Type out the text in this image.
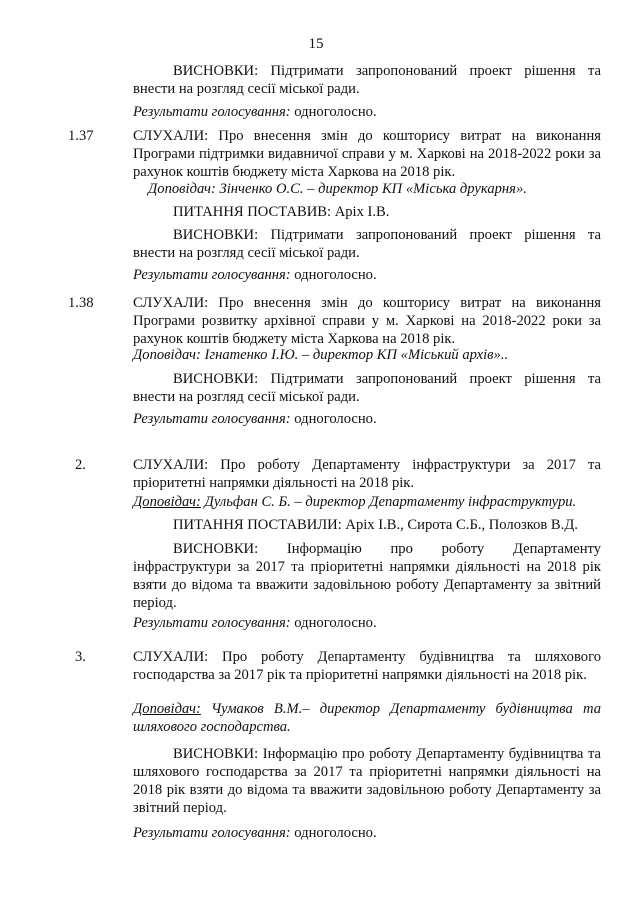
15
ВИСНОВКИ: Підтримати запропонований проект рішення та внести на розгляд сесії міської ради.
Результати голосування: одноголосно.
1.37	СЛУХАЛИ: Про внесення змін до кошторису витрат на виконання Програми підтримки видавничої справи у м. Харкові на 2018-2022 роки за рахунок коштів бюджету міста Харкова на 2018 рік.
Доповідач: Зінченко О.С. – директор КП «Міська друкарня».
ПИТАННЯ ПОСТАВИВ: Аріх І.В.
ВИСНОВКИ: Підтримати запропонований проект рішення та внести на розгляд сесії міської ради.
Результати голосування: одноголосно.
1.38	СЛУХАЛИ: Про внесення змін до кошторису витрат на виконання Програми розвитку архівної справи у м. Харкові на 2018-2022 роки за рахунок коштів бюджету міста Харкова на 2018 рік.
Доповідач: Ігнатенко І.Ю. – директор КП «Міський архів»..
ВИСНОВКИ: Підтримати запропонований проект рішення та внести на розгляд сесії міської ради.
Результати голосування: одноголосно.
2.	СЛУХАЛИ: Про роботу Департаменту інфраструктури за 2017 та пріоритетні напрямки діяльності на 2018 рік.
Доповідач: Дульфан С. Б. – директор Департаменту інфраструктури.
ПИТАННЯ ПОСТАВИЛИ: Аріх І.В., Сирота С.Б., Полозков В.Д.
ВИСНОВКИ: Інформацію про роботу Департаменту інфраструктури за 2017 та пріоритетні напрямки діяльності на 2018 рік взяти до відома та вважити задовільною роботу Департаменту за звітний період.
Результати голосування: одноголосно.
3.	СЛУХАЛИ: Про роботу Департаменту будівництва та шляхового господарства за 2017 рік та пріоритетні напрямки діяльності на 2018 рік.
Доповідач: Чумаков В.М.– директор Департаменту будівництва та шляхового господарства.
ВИСНОВКИ: Інформацію про роботу Департаменту будівництва та шляхового господарства за 2017 та пріоритетні напрямки діяльності на 2018 рік взяти до відома та вважити задовільною роботу Департаменту за звітний період.
Результати голосування: одноголосно.
